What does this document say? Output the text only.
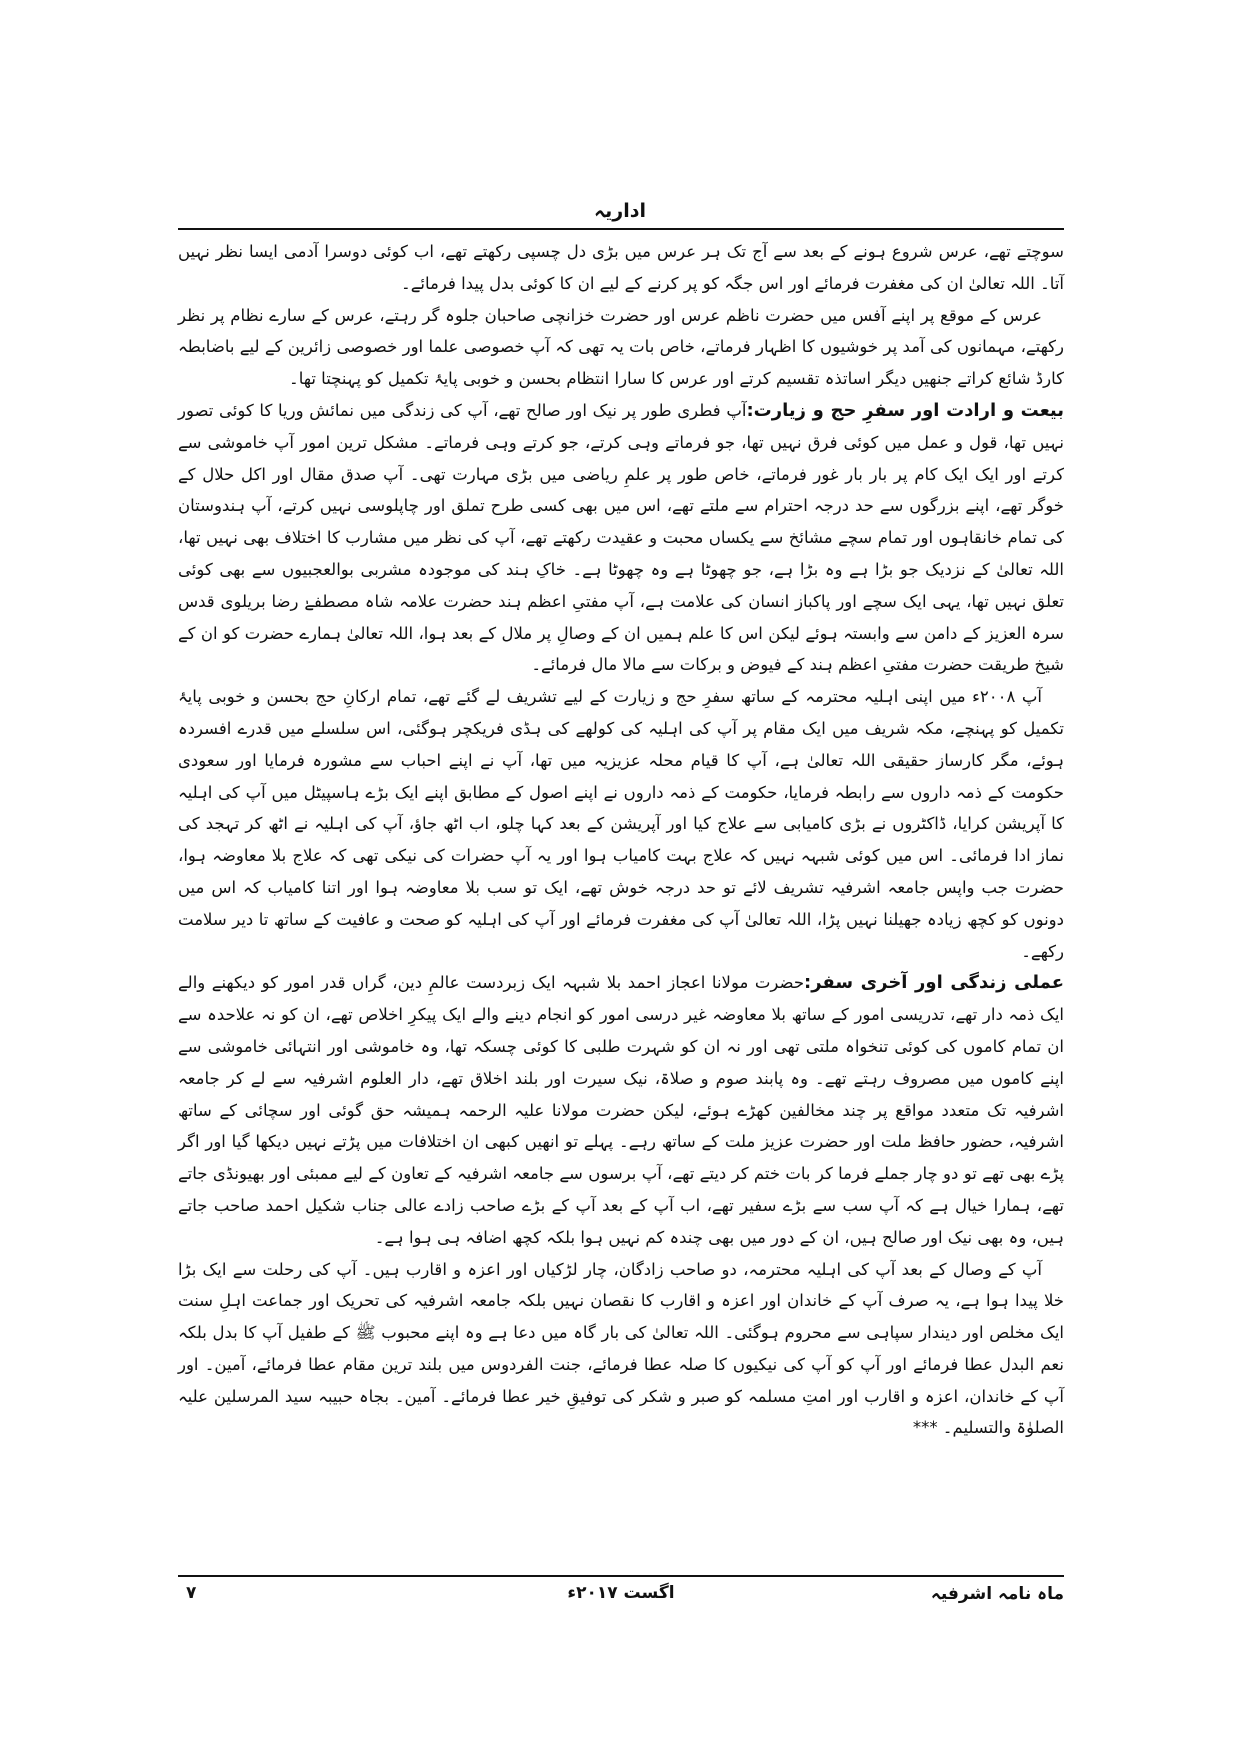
اداریہ

سوچتے تھے، عرس شروع ہونے کے بعد سے آج تک ہر عرس میں بڑی دل چسپی رکھتے تھے، اب کوئی دوسرا آدمی ایسا نظر نہیں آتا۔ اللہ تعالیٰ ان کی مغفرت فرمائے اور اس جگہ کو پر کرنے کے لیے ان کا کوئی بدل پیدا فرمائے۔

عرس کے موقع پر اپنے آفس میں حضرت ناظم عرس اور حضرت خزانچی صاحبان جلوہ گر رہتے، عرس کے سارے نظام پر نظر رکھتے، مہمانوں کی آمد پر خوشیوں کا اظہار فرماتے، خاص بات یہ تھی کہ آپ خصوصی علما اور خصوصی زائرین کے لیے باضابطہ کارڈ شائع کراتے جنھیں دیگر اساتذہ تقسیم کرتے اور عرس کا سارا انتظام بحسن و خوبی پایۂ تکمیل کو پہنچتا تھا۔

بیعت و ارادت اور سفرِ حج و زیارت:آپ فطری طور پر نیک اور صالح تھے، آپ کی زندگی میں نمائش وریا کا کوئی تصور نہیں تھا، قول و عمل میں کوئی فرق نہیں تھا، جو فرماتے وہی کرتے، جو کرتے وہی فرماتے۔ مشکل ترین امور آپ خاموشی سے کرتے اور ایک ایک کام پر بار بار غور فرماتے، خاص طور پر علمِ ریاضی میں بڑی مہارت تھی۔ آپ صدق مقال اور اکل حلال کے خوگر تھے، اپنے بزرگوں سے حد درجہ احترام سے ملتے تھے، اس میں بھی کسی طرح تملق اور چاپلوسی نہیں کرتے، آپ ہندوستان کی تمام خانقاہوں اور تمام سچے مشائخ سے یکساں محبت و عقیدت رکھتے تھے، آپ کی نظر میں مشارب کا اختلاف بھی نہیں تھا، اللہ تعالیٰ کے نزدیک جو بڑا ہے وہ بڑا ہے، جو چھوٹا ہے وہ چھوٹا ہے۔ خاکِ ہند کی موجودہ مشربی بوالعجبیوں سے بھی کوئی تعلق نہیں تھا، یہی ایک سچے اور پاکباز انسان کی علامت ہے، آپ مفتیِ اعظم ہند حضرت علامہ شاہ مصطفےٰ رضا بریلوی قدس سرہ العزیز کے دامن سے وابستہ ہوئے لیکن اس کا علم ہمیں ان کے وصالِ پر ملال کے بعد ہوا، اللہ تعالیٰ ہمارے حضرت کو ان کے شیخ طریقت حضرت مفتیِ اعظم ہند کے فیوض و برکات سے مالا مال فرمائے۔

آپ ۲۰۰۸ء میں اپنی اہلیہ محترمہ کے ساتھ سفرِ حج و زیارت کے لیے تشریف لے گئے تھے، تمام ارکانِ حج بحسن و خوبی پایۂ تکمیل کو پہنچے، مکہ شریف میں ایک مقام پر آپ کی اہلیہ کی کولھے کی ہڈی فریکچر ہوگئی، اس سلسلے میں قدرے افسردہ ہوئے، مگر کارساز حقیقی اللہ تعالیٰ ہے، آپ کا قیام محلہ عزیزیہ میں تھا، آپ نے اپنے احباب سے مشورہ فرمایا اور سعودی حکومت کے ذمہ داروں سے رابطہ فرمایا، حکومت کے ذمہ داروں نے اپنے اصول کے مطابق اپنے ایک بڑے ہاسپیٹل میں آپ کی اہلیہ کا آپریشن کرایا، ڈاکٹروں نے بڑی کامیابی سے علاج کیا اور آپریشن کے بعد کہا چلو، اب اٹھ جاؤ، آپ کی اہلیہ نے اٹھ کر تہجد کی نماز ادا فرمائی۔ اس میں کوئی شبہہ نہیں کہ علاج بہت کامیاب ہوا اور یہ آپ حضرات کی نیکی تھی کہ علاج بلا معاوضہ ہوا، حضرت جب واپس جامعہ اشرفیہ تشریف لائے تو حد درجہ خوش تھے، ایک تو سب بلا معاوضہ ہوا اور اتنا کامیاب کہ اس میں دونوں کو کچھ زیادہ جھیلنا نہیں پڑا، اللہ تعالیٰ آپ کی مغفرت فرمائے اور آپ کی اہلیہ کو صحت و عافیت کے ساتھ تا دیر سلامت رکھے۔

عملی زندگی اور آخری سفر:حضرت مولانا اعجاز احمد بلا شبہہ ایک زبردست عالمِ دین، گراں قدر امور کو دیکھنے والے ایک ذمہ دار تھے، تدریسی امور کے ساتھ بلا معاوضہ غیر درسی امور کو انجام دینے والے ایک پیکرِ اخلاص تھے، ان کو نہ علاحدہ سے ان تمام کاموں کی کوئی تنخواہ ملتی تھی اور نہ ان کو شہرت طلبی کا کوئی چسکہ تھا، وہ خاموشی اور انتہائی خاموشی سے اپنے کاموں میں مصروف رہتے تھے۔ وہ پابند صوم و صلاۃ، نیک سیرت اور بلند اخلاق تھے، دار العلوم اشرفیہ سے لے کر جامعہ اشرفیہ تک متعدد مواقع پر چند مخالفین کھڑے ہوئے، لیکن حضرت مولانا علیہ الرحمہ ہمیشہ حق گوئی اور سچائی کے ساتھ اشرفیہ، حضور حافظ ملت اور حضرت عزیز ملت کے ساتھ رہے۔ پہلے تو انھیں کبھی ان اختلافات میں پڑتے نہیں دیکھا گیا اور اگر پڑے بھی تھے تو دو چار جملے فرما کر بات ختم کر دیتے تھے، آپ برسوں سے جامعہ اشرفیہ کے تعاون کے لیے ممبئی اور بھیونڈی جاتے تھے، ہمارا خیال ہے کہ آپ سب سے بڑے سفیر تھے، اب آپ کے بعد آپ کے بڑے صاحب زادے عالی جناب شکیل احمد صاحب جاتے ہیں، وہ بھی نیک اور صالح ہیں، ان کے دور میں بھی چندہ کم نہیں ہوا بلکہ کچھ اضافہ ہی ہوا ہے۔

آپ کے وصال کے بعد آپ کی اہلیہ محترمہ، دو صاحب زادگان، چار لڑکیاں اور اعزہ و اقارب ہیں۔ آپ کی رحلت سے ایک بڑا خلا پیدا ہوا ہے، یہ صرف آپ کے خاندان اور اعزہ و اقارب کا نقصان نہیں بلکہ جامعہ اشرفیہ کی تحریک اور جماعت اہلِ سنت ایک مخلص اور دیندار سپاہی سے محروم ہوگئی۔ اللہ تعالیٰ کی بار گاہ میں دعا ہے وہ اپنے محبوب ﷺ کے طفیل آپ کا بدل بلکہ نعم البدل عطا فرمائے اور آپ کو آپ کی نیکیوں کا صلہ عطا فرمائے، جنت الفردوس میں بلند ترین مقام عطا فرمائے، آمین۔ اور آپ کے خاندان، اعزہ و اقارب اور امتِ مسلمہ کو صبر و شکر کی توفیقِ خیر عطا فرمائے۔ آمین۔ بجاہ حبیبہ سید المرسلین علیہ الصلوٰۃ والتسلیم۔ ***

ماہ نامہ اشرفیہ
اگست ۲۰۱۷ء
۷
